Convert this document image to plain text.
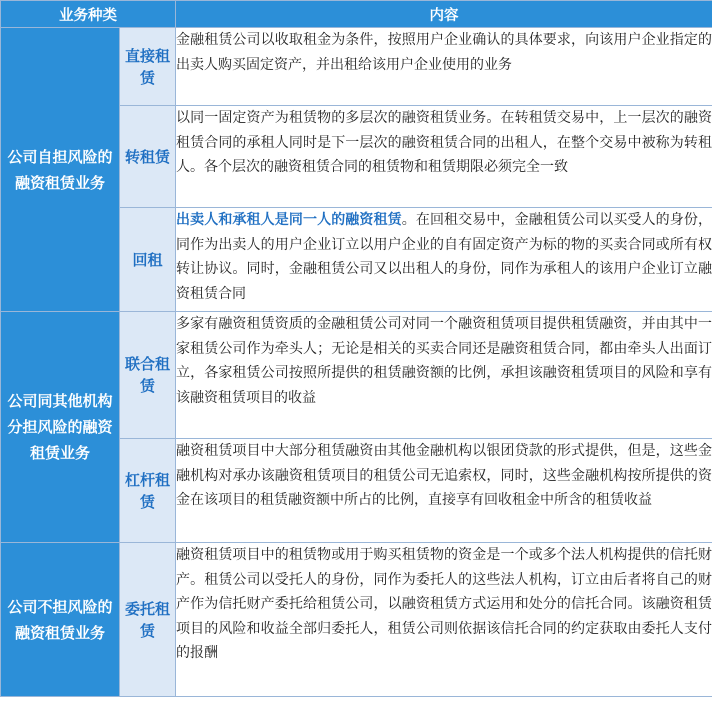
业务种类		内容
公司自担风险的融资租赁业务	直接租赁	金融租赁公司以收取租金为条件，按照用户企业确认的具体要求，向该用户企业指定的出卖人购买固定资产，并出租给该用户企业使用的业务
	转租赁	以同一固定资产为租赁物的多层次的融资租赁业务。在转租赁交易中，上一层次的融资租赁合同的承租人同时是下一层次的融资租赁合同的出租人，在整个交易中被称为转租人。各个层次的融资租赁合同的租赁物和租赁期限必须完全一致
	回租	出卖人和承租人是同一人的融资租赁。在回租交易中，金融租赁公司以买受人的身份，同作为出卖人的用户企业订立以用户企业的自有固定资产为标的物的买卖合同或所有权转让协议。同时，金融租赁公司又以出租人的身份，同作为承租人的该用户企业订立融资租赁合同
公司同其他机构分担风险的融资租赁业务	联合租赁	多家有融资租赁资质的金融租赁公司对同一个融资租赁项目提供租赁融资，并由其中一家租赁公司作为牵头人；无论是相关的买卖合同还是融资租赁合同，都由牵头人出面订立，各家租赁公司按照所提供的租赁融资额的比例，承担该融资租赁项目的风险和享有该融资租赁项目的收益
	杠杆租赁	融资租赁项目中大部分租赁融资由其他金融机构以银团贷款的形式提供，但是，这些金融机构对承办该融资租赁项目的租赁公司无追索权，同时，这些金融机构按所提供的资金在该项目的租赁融资额中所占的比例，直接享有回收租金中所含的租赁收益
公司不担风险的融资租赁业务	委托租赁	融资租赁项目中的租赁物或用于购买租赁物的资金是一个或多个法人机构提供的信托财产。租赁公司以受托人的身份，同作为委托人的这些法人机构，订立由后者将自己的财产作为信托财产委托给租赁公司，以融资租赁方式运用和处分的信托合同。该融资租赁项目的风险和收益全部归委托人，租赁公司则依据该信托合同的约定获取由委托人支付的报酬
